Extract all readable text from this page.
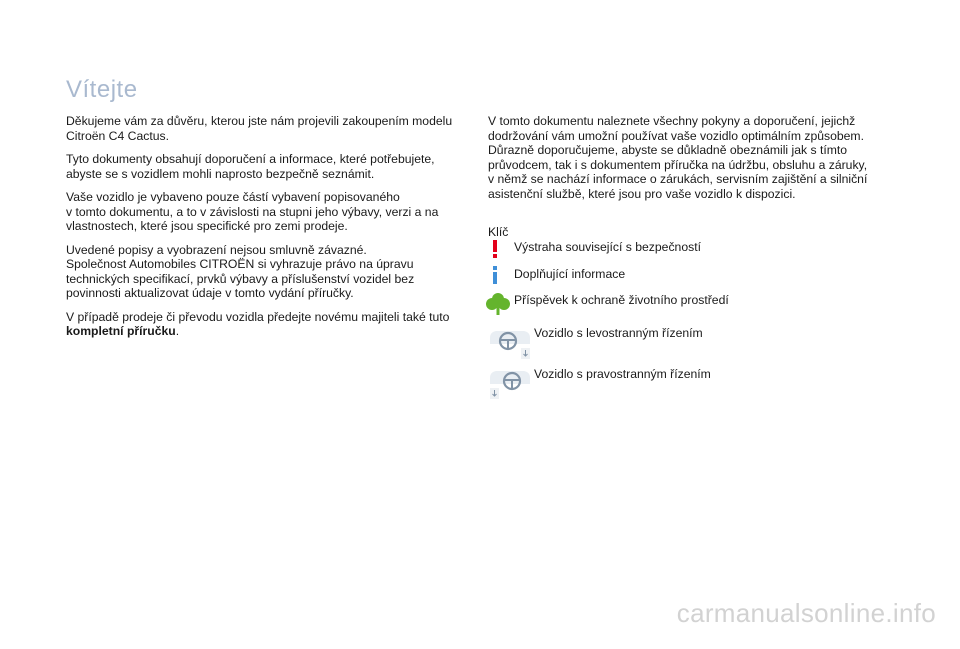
Vítejte

Děkujeme vám za důvěru, kterou jste nám projevili zakoupením modelu
Citroën C4 Cactus.

Tyto dokumenty obsahují doporučení a informace, které potřebujete,
abyste se s vozidlem mohli naprosto bezpečně seznámit.

Vaše vozidlo je vybaveno pouze částí vybavení popisovaného
v tomto dokumentu, a to v závislosti na stupni jeho výbavy, verzi a na
vlastnostech, které jsou specifické pro zemi prodeje.

Uvedené popisy a vyobrazení nejsou smluvně závazné.
Společnost Automobiles CITROËN si vyhrazuje právo na úpravu
technických specifikací, prvků výbavy a příslušenství vozidel bez
povinnosti aktualizovat údaje v tomto vydání příručky.

V případě prodeje či převodu vozidla předejte novému majiteli také tuto
kompletní příručku.

V tomto dokumentu naleznete všechny pokyny a doporučení, jejichž
dodržování vám umožní používat vaše vozidlo optimálním způsobem.
Důrazně doporučujeme, abyste se důkladně obeznámili jak s tímto
průvodcem, tak i s dokumentem příručka na údržbu, obsluhu a záruky,
v němž se nachází informace o zárukách, servisním zajištění a silniční
asistenční službě, které jsou pro vaše vozidlo k dispozici.

Klíč
Výstraha související s bezpečností
Doplňující informace
Příspěvek k ochraně životního prostředí
Vozidlo s levostranným řízením
Vozidlo s pravostranným řízením
carmanualsonline.info
